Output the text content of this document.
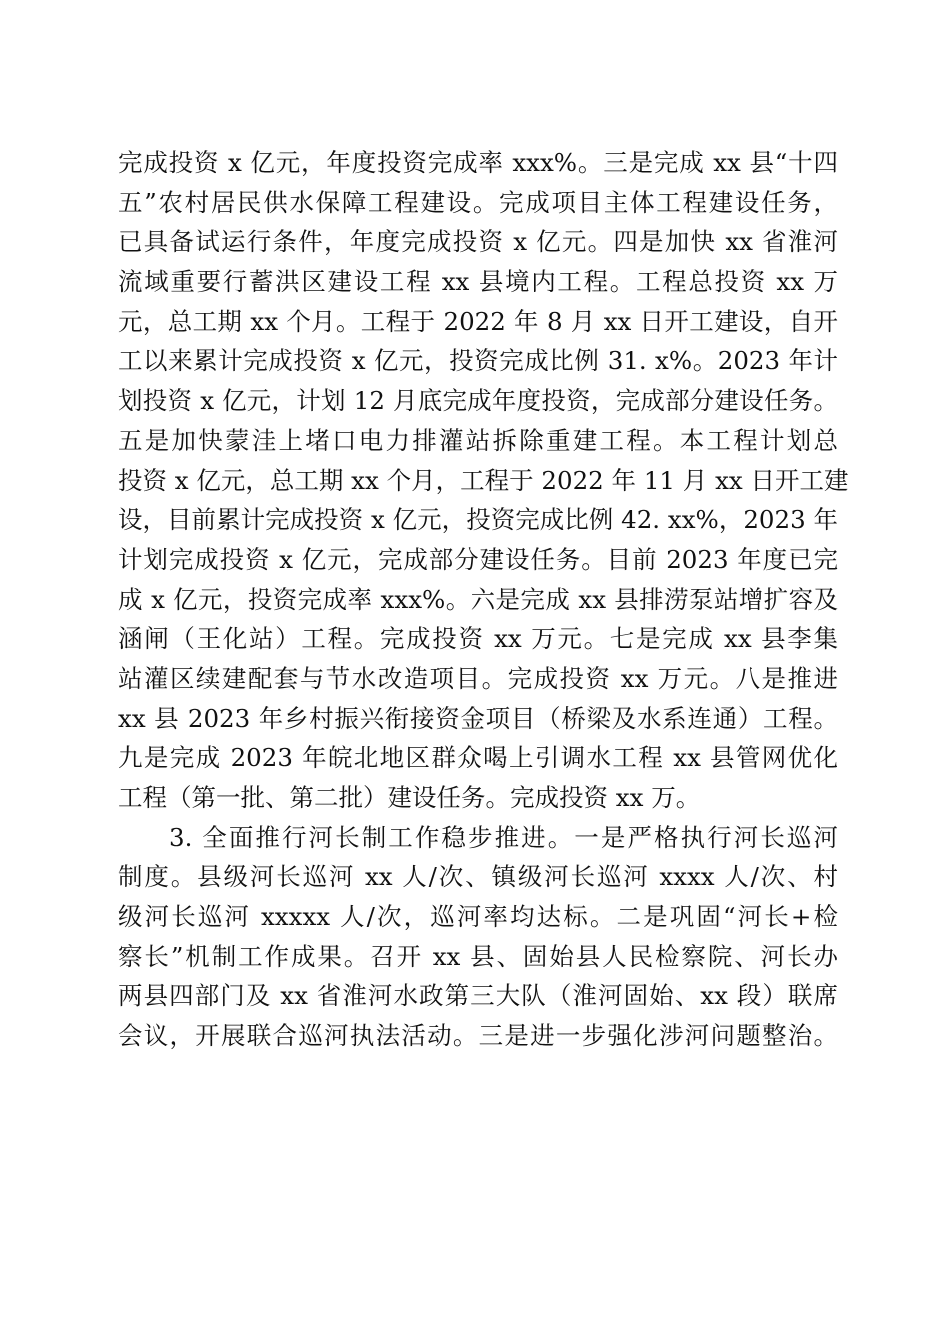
完成投资 x 亿元，年度投资完成率 xxx%。三是完成 xx 县“十四
五”农村居民供水保障工程建设。完成项目主体工程建设任务，
已具备试运行条件，年度完成投资 x 亿元。四是加快 xx 省淮河
流域重要行蓄洪区建设工程 xx 县境内工程。工程总投资 xx 万
元，总工期 xx 个月。工程于 2022 年 8 月 xx 日开工建设，自开
工以来累计完成投资 x 亿元，投资完成比例 31. x%。2023 年计
划投资 x 亿元，计划 12 月底完成年度投资，完成部分建设任务。
五是加快蒙洼上堵口电力排灌站拆除重建工程。本工程计划总
投资 x 亿元，总工期 xx 个月，工程于 2022 年 11 月 xx 日开工建
设，目前累计完成投资 x 亿元，投资完成比例 42. xx%，2023 年
计划完成投资 x 亿元，完成部分建设任务。目前 2023 年度已完
成 x 亿元，投资完成率 xxx%。六是完成 xx 县排涝泵站增扩容及
涵闸（王化站）工程。完成投资 xx 万元。七是完成 xx 县李集
站灌区续建配套与节水改造项目。完成投资 xx 万元。八是推进
xx 县 2023 年乡村振兴衔接资金项目（桥梁及水系连通）工程。
九是完成 2023 年皖北地区群众喝上引调水工程 xx 县管网优化
工程（第一批、第二批）建设任务。完成投资 xx 万。
3. 全面推行河长制工作稳步推进。一是严格执行河长巡河
制度。县级河长巡河 xx 人/次、镇级河长巡河 xxxx 人/次、村
级河长巡河 xxxxx 人/次，巡河率均达标。二是巩固“河长+检
察长”机制工作成果。召开 xx 县、固始县人民检察院、河长办
两县四部门及 xx 省淮河水政第三大队（淮河固始、xx 段）联席
会议，开展联合巡河执法活动。三是进一步强化涉河问题整治。
